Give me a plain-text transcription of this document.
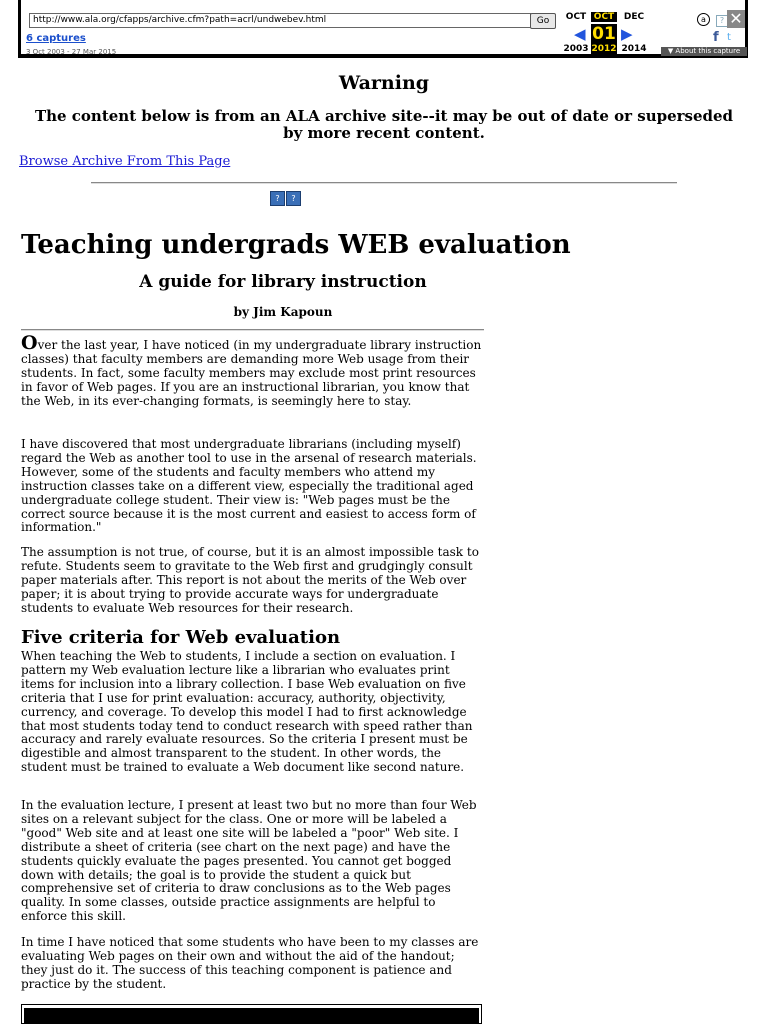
http://www.ala.org/cfapps/archive.cfm?path=acrl/undwebev.html	Go
6 captures
3 Oct 2003 - 27 Mar 2015
OCT OCT	DEC
◀ 01 ▶
2003 2012 2014
a	? ✕
f t
▼ About this capture
Warning
The content below is from an ALA archive site--it may be out of date or superseded by more recent content.
Browse Archive From This Page
?	?
Teaching undergrads WEB evaluation
A guide for library instruction
by Jim Kapoun

Over the last year, I have noticed (in my undergraduate library instruction classes) that faculty members are demanding more Web usage from their students. In fact, some faculty members may exclude most print resources in favor of Web pages. If you are an instructional librarian, you know that the Web, in its ever-changing formats, is seemingly here to stay.

I have discovered that most undergraduate librarians (including myself) regard the Web as another tool to use in the arsenal of research materials. However, some of the students and faculty members who attend my instruction classes take on a different view, especially the traditional aged undergraduate college student. Their view is: "Web pages must be the correct source because it is the most current and easiest to access form of information."

The assumption is not true, of course, but it is an almost impossible task to refute. Students seem to gravitate to the Web first and grudgingly consult paper materials after. This report is not about the merits of the Web over paper; it is about trying to provide accurate ways for undergraduate students to evaluate Web resources for their research.

Five criteria for Web evaluation

When teaching the Web to students, I include a section on evaluation. I pattern my Web evaluation lecture like a librarian who evaluates print items for inclusion into a library collection. I base Web evaluation on five criteria that I use for print evaluation: accuracy, authority, objectivity, currency, and coverage. To develop this model I had to first acknowledge that most students today tend to conduct research with speed rather than accuracy and rarely evaluate resources. So the criteria I present must be digestible and almost transparent to the student. In other words, the student must be trained to evaluate a Web document like second nature.

In the evaluation lecture, I present at least two but no more than four Web sites on a relevant subject for the class. One or more will be labeled a "good" Web site and at least one site will be labeled a "poor" Web site. I distribute a sheet of criteria (see chart on the next page) and have the students quickly evaluate the pages presented. You cannot get bogged down with details; the goal is to provide the student a quick but comprehensive set of criteria to draw conclusions as to the Web pages quality. In some classes, outside practice assignments are helpful to enforce this skill.

In time I have noticed that some students who have been to my classes are evaluating Web pages on their own and without the aid of the handout; they just do it. The success of this teaching component is patience and practice by the student.
